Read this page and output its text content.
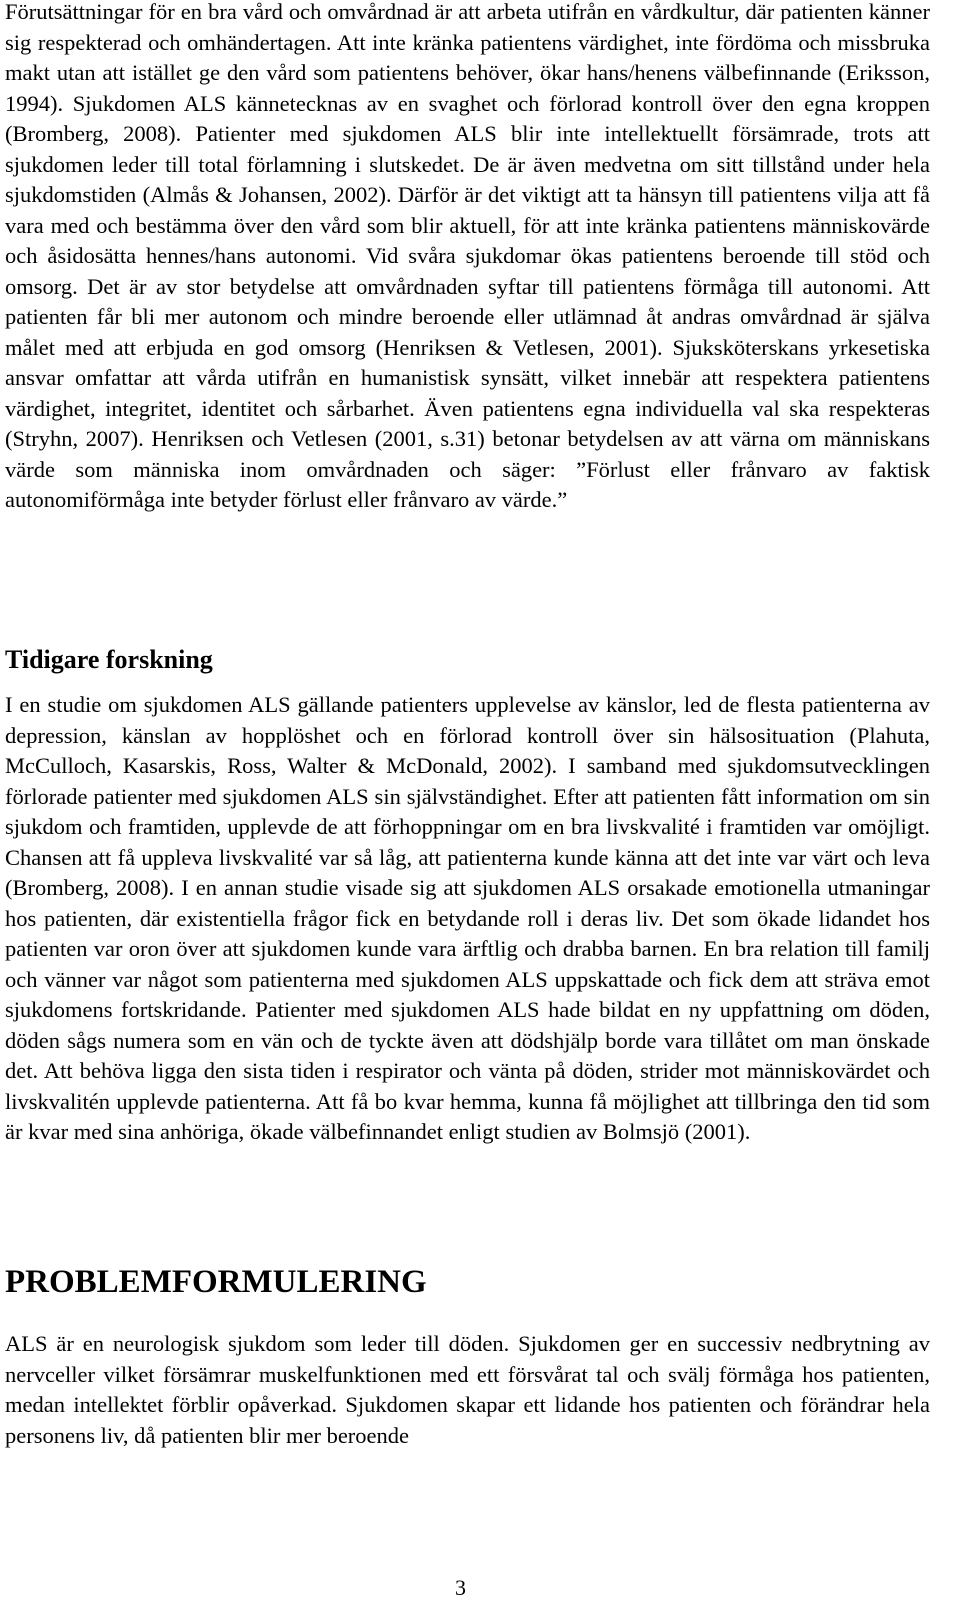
Förutsättningar för en bra vård och omvårdnad är att arbeta utifrån en vårdkultur, där patienten känner sig respekterad och omhändertagen. Att inte kränka patientens värdighet, inte fördöma och missbruka makt utan att istället ge den vård som patientens behöver, ökar hans/henens välbefinnande (Eriksson, 1994). Sjukdomen ALS kännetecknas av en svaghet och förlorad kontroll över den egna kroppen (Bromberg, 2008). Patienter med sjukdomen ALS blir inte intellektuellt försämrade, trots att sjukdomen leder till total förlamning i slutskedet. De är även medvetna om sitt tillstånd under hela sjukdomstiden (Almås & Johansen, 2002). Därför är det viktigt att ta hänsyn till patientens vilja att få vara med och bestämma över den vård som blir aktuell, för att inte kränka patientens människovärde och åsidosätta hennes/hans autonomi. Vid svåra sjukdomar ökas patientens beroende till stöd och omsorg. Det är av stor betydelse att omvårdnaden syftar till patientens förmåga till autonomi. Att patienten får bli mer autonom och mindre beroende eller utlämnad åt andras omvårdnad är själva målet med att erbjuda en god omsorg (Henriksen & Vetlesen, 2001). Sjuksköterskans yrkesetiska ansvar omfattar att vårda utifrån en humanistisk synsätt, vilket innebär att respektera patientens värdighet, integritet, identitet och sårbarhet. Även patientens egna individuella val ska respekteras (Stryhn, 2007). Henriksen och Vetlesen (2001, s.31) betonar betydelsen av att värna om människans värde som människa inom omvårdnaden och säger: ”Förlust eller frånvaro av faktisk autonomiförmåga inte betyder förlust eller frånvaro av värde.”

Tidigare forskning

I en studie om sjukdomen ALS gällande patienters upplevelse av känslor, led de flesta patienterna av depression, känslan av hopplöshet och en förlorad kontroll över sin hälsosituation (Plahuta, McCulloch, Kasarskis, Ross, Walter & McDonald, 2002). I samband med sjukdomsutvecklingen förlorade patienter med sjukdomen ALS sin självständighet. Efter att patienten fått information om sin sjukdom och framtiden, upplevde de att förhoppningar om en bra livskvalité i framtiden var omöjligt. Chansen att få uppleva livskvalité var så låg, att patienterna kunde känna att det inte var värt och leva (Bromberg, 2008). I en annan studie visade sig att sjukdomen ALS orsakade emotionella utmaningar hos patienten, där existentiella frågor fick en betydande roll i deras liv. Det som ökade lidandet hos patienten var oron över att sjukdomen kunde vara ärftlig och drabba barnen. En bra relation till familj och vänner var något som patienterna med sjukdomen ALS uppskattade och fick dem att sträva emot sjukdomens fortskridande. Patienter med sjukdomen ALS hade bildat en ny uppfattning om döden, döden sågs numera som en vän och de tyckte även att dödshjälp borde vara tillåtet om man önskade det. Att behöva ligga den sista tiden i respirator och vänta på döden, strider mot människovärdet och livskvalitén upplevde patienterna. Att få bo kvar hemma, kunna få möjlighet att tillbringa den tid som är kvar med sina anhöriga, ökade välbefinnandet enligt studien av Bolmsjö (2001).

PROBLEMFORMULERING

ALS är en neurologisk sjukdom som leder till döden. Sjukdomen ger en successiv nedbrytning av nervceller vilket försämrar muskelfunktionen med ett försvårat tal och svälj förmåga hos patienten, medan intellektet förblir opåverkad. Sjukdomen skapar ett lidande hos patienten och förändrar hela personens liv, då patienten blir mer beroende

3
